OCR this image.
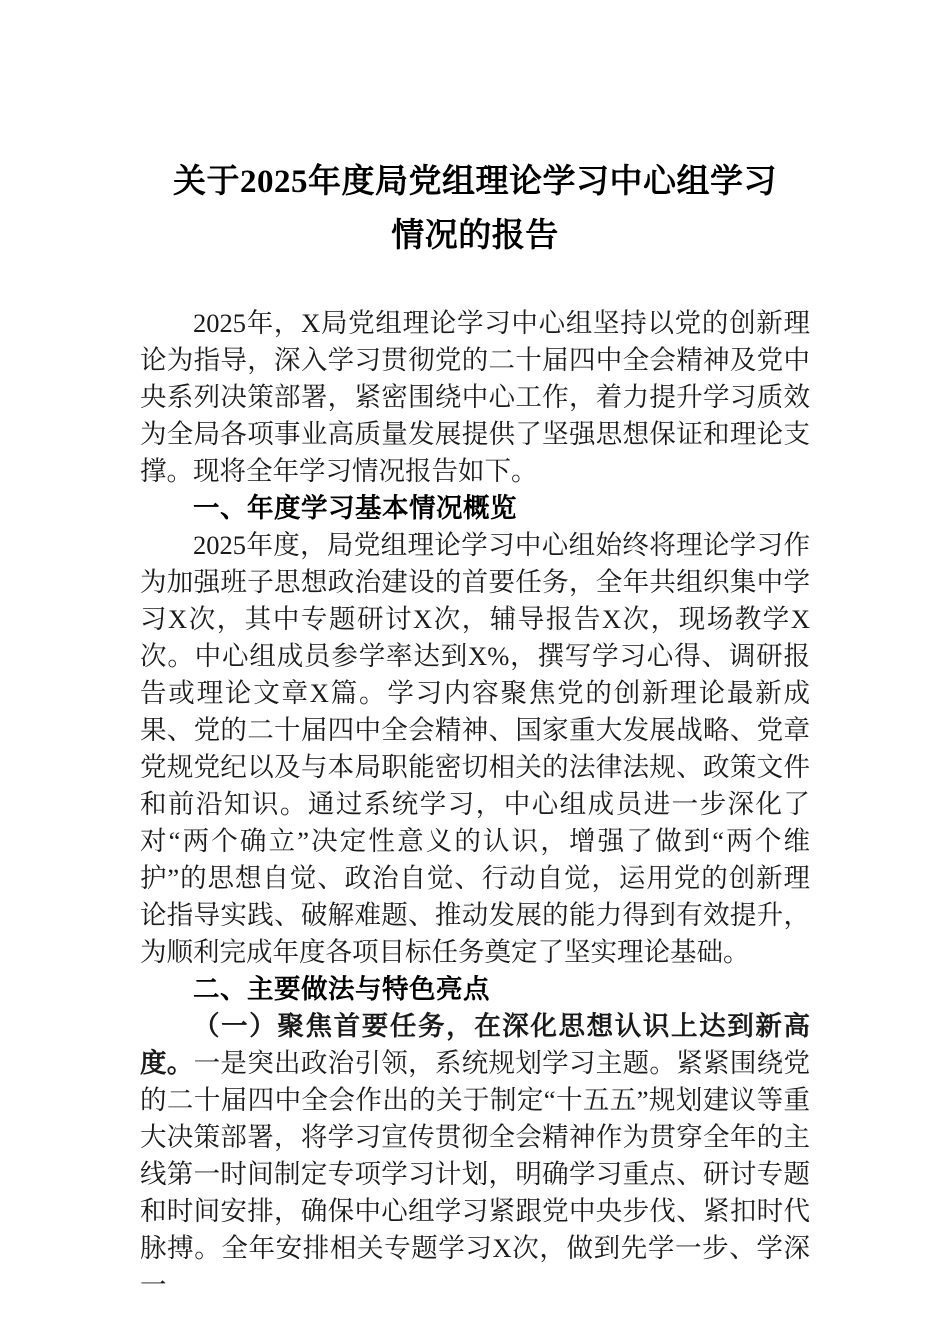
关于2025年度局党组理论学习中心组学习
情况的报告

2025年，X局党组理论学习中心组坚持以党的创新理论为指导，深入学习贯彻党的二十届四中全会精神及党中央系列决策部署，紧密围绕中心工作，着力提升学习质效为全局各项事业高质量发展提供了坚强思想保证和理论支撑。现将全年学习情况报告如下。

一、年度学习基本情况概览

2025年度，局党组理论学习中心组始终将理论学习作为加强班子思想政治建设的首要任务，全年共组织集中学习X次，其中专题研讨X次，辅导报告X次，现场教学X次。中心组成员参学率达到X%，撰写学习心得、调研报告或理论文章X篇。学习内容聚焦党的创新理论最新成果、党的二十届四中全会精神、国家重大发展战略、党章党规党纪以及与本局职能密切相关的法律法规、政策文件和前沿知识。通过系统学习，中心组成员进一步深化了对“两个确立”决定性意义的认识，增强了做到“两个维护”的思想自觉、政治自觉、行动自觉，运用党的创新理论指导实践、破解难题、推动发展的能力得到有效提升，为顺利完成年度各项目标任务奠定了坚实理论基础。

二、主要做法与特色亮点

（一）聚焦首要任务，在深化思想认识上达到新高度。一是突出政治引领，系统规划学习主题。紧紧围绕党的二十届四中全会作出的关于制定“十五五”规划建议等重大决策部署，将学习宣传贯彻全会精神作为贯穿全年的主线第一时间制定专项学习计划，明确学习重点、研讨专题和时间安排，确保中心组学习紧跟党中央步伐、紧扣时代脉搏。全年安排相关专题学习X次，做到先学一步、学深一
